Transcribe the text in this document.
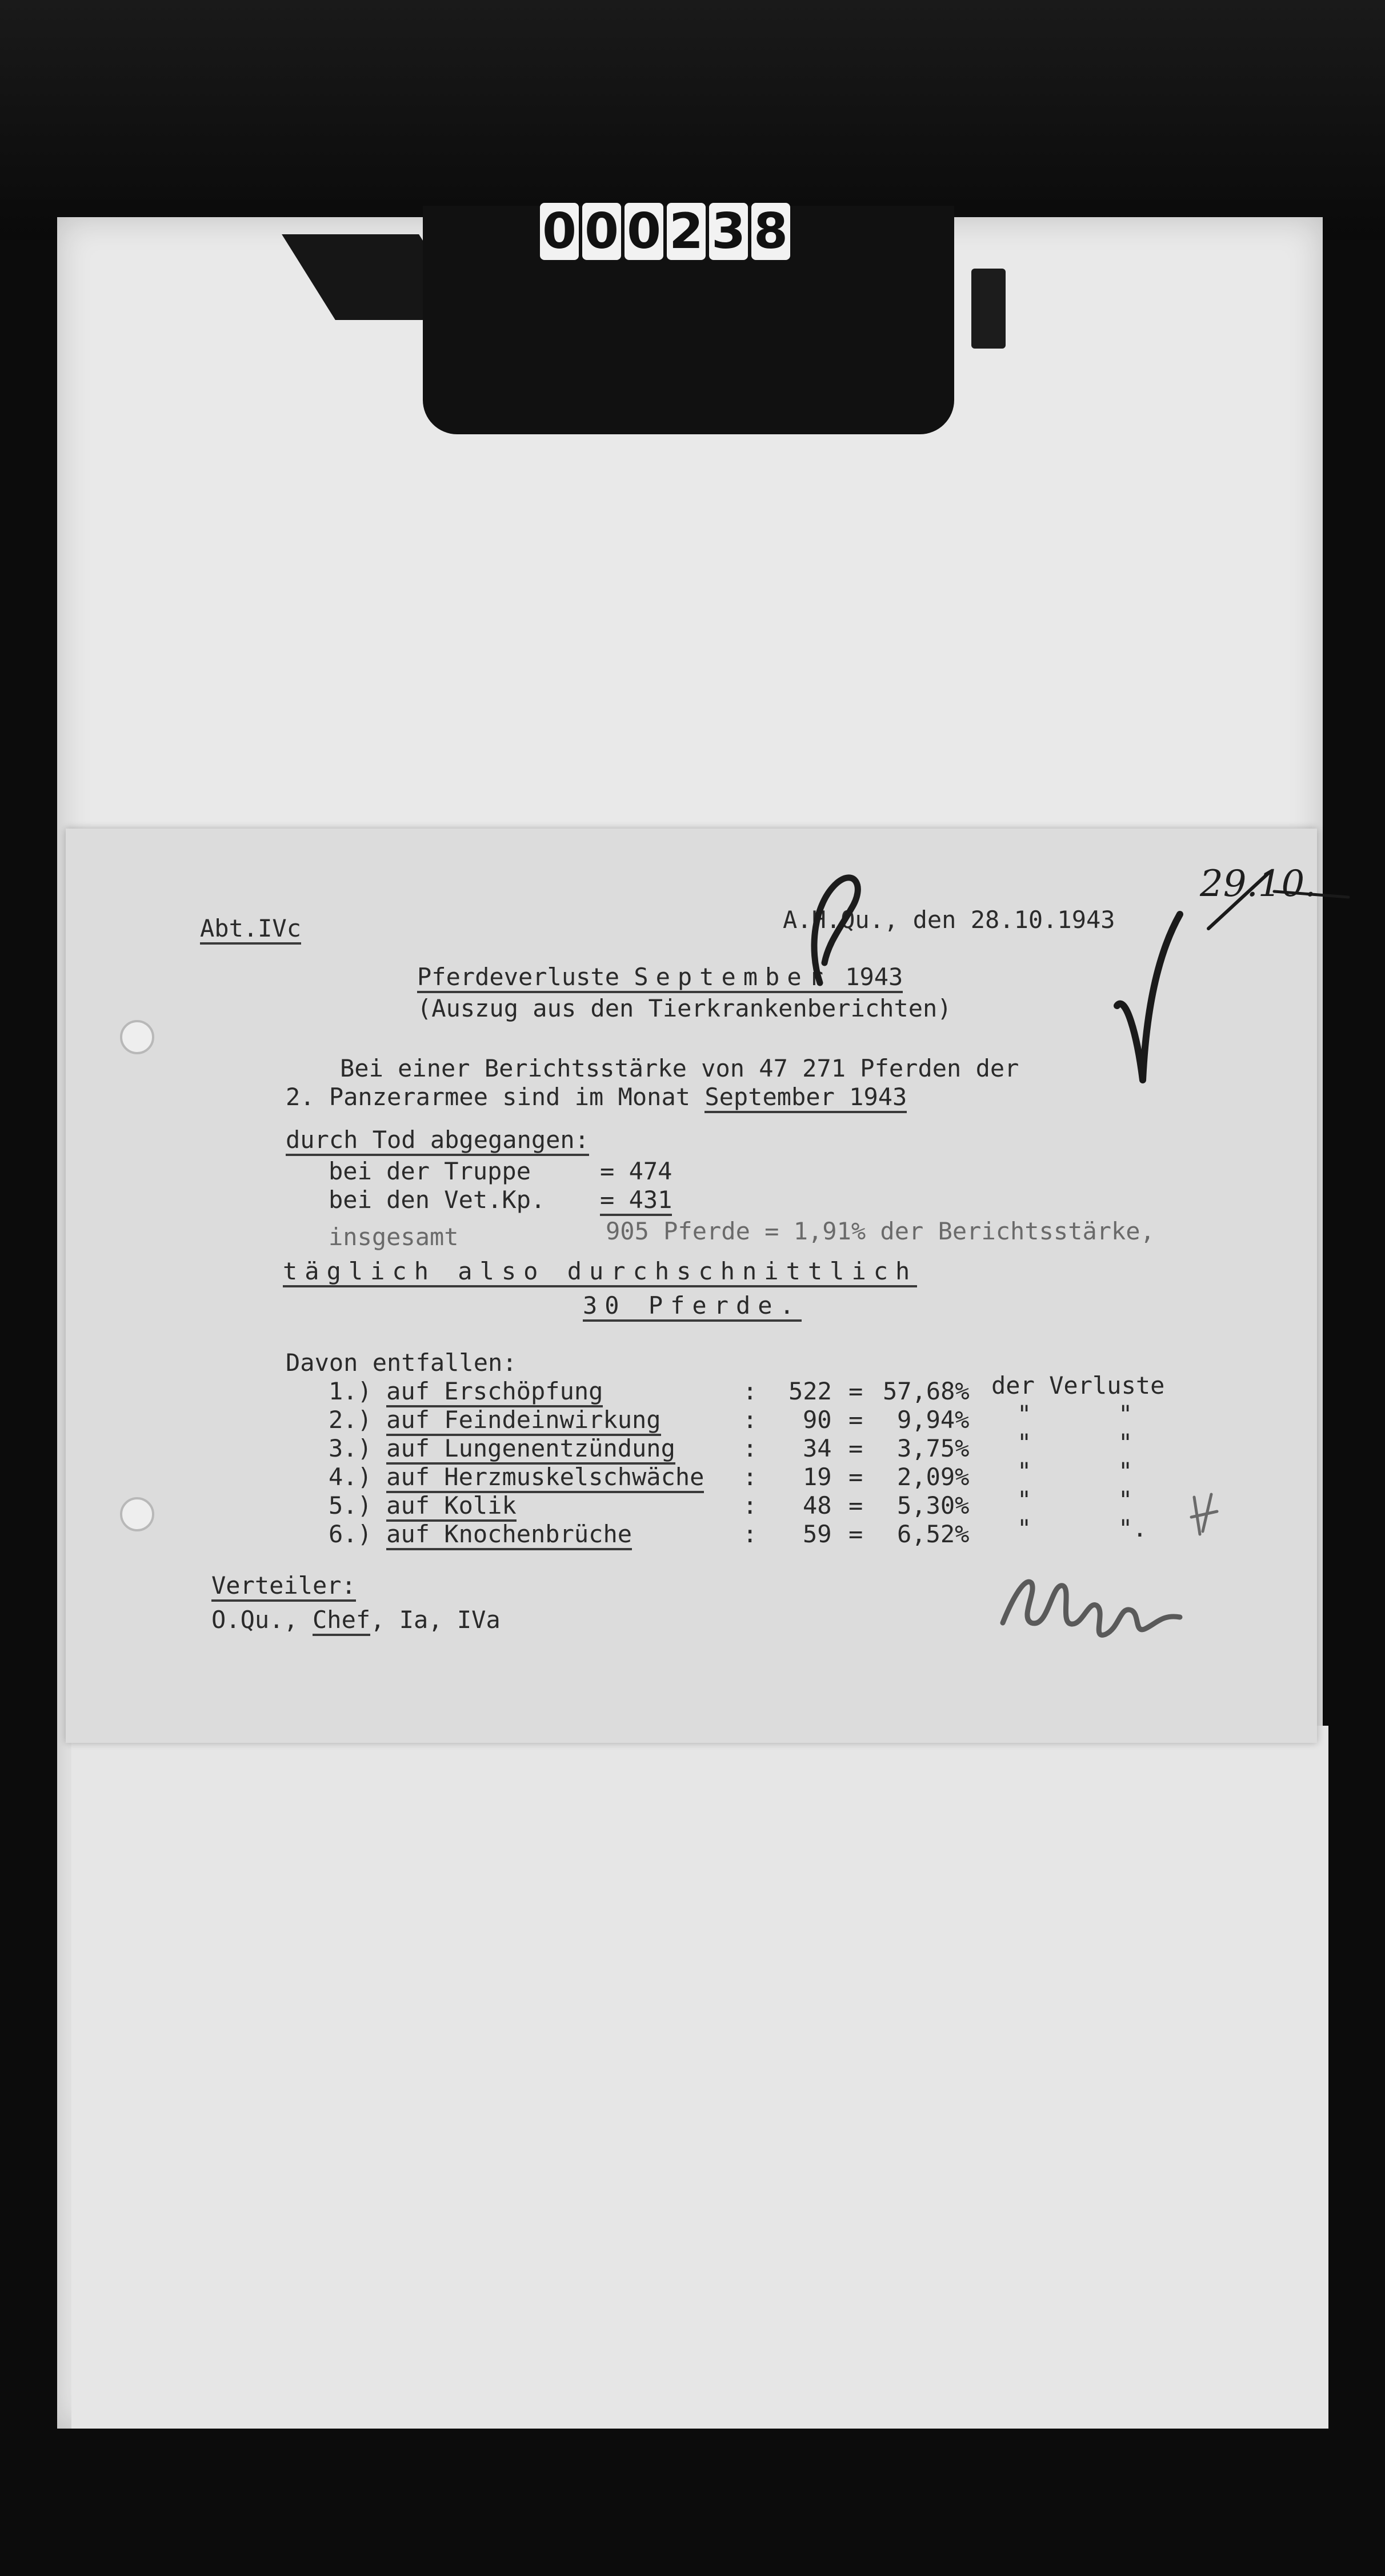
0 0 0 2 3 8
Abt.IVc	A.H.Qu., den 28.10.1943
29.10.
Pferdeverluste September 1943
(Auszug aus den Tierkrankenberichten)
Bei einer Berichtsstärke von 47 271 Pferden der
2. Panzerarmee sind im Monat September 1943
durch Tod abgegangen:
bei der Truppe	= 474
bei den Vet.Kp. = 431
insgesamt	905 Pferde = 1,91% der Berichtsstärke,
täglich also durchschnittlich
30 Pferde.
Davon entfallen:
1.) auf Erschöpfung	: 522 = 57,68% der Verluste
2.) auf Feindeinwirkung	: 90 = 9,94% "      "
3.) auf Lungenentzündung	: 34 = 3,75% "      "
4.) auf Herzmuskelschwäche : 19 = 2,09% "      "
5.) auf Kolik	: 48 = 5,30% "      "
6.) auf Knochenbrüche	: 59 = 6,52% "      ".
Verteiler:
O.Qu., Chef, Ia, IVa
